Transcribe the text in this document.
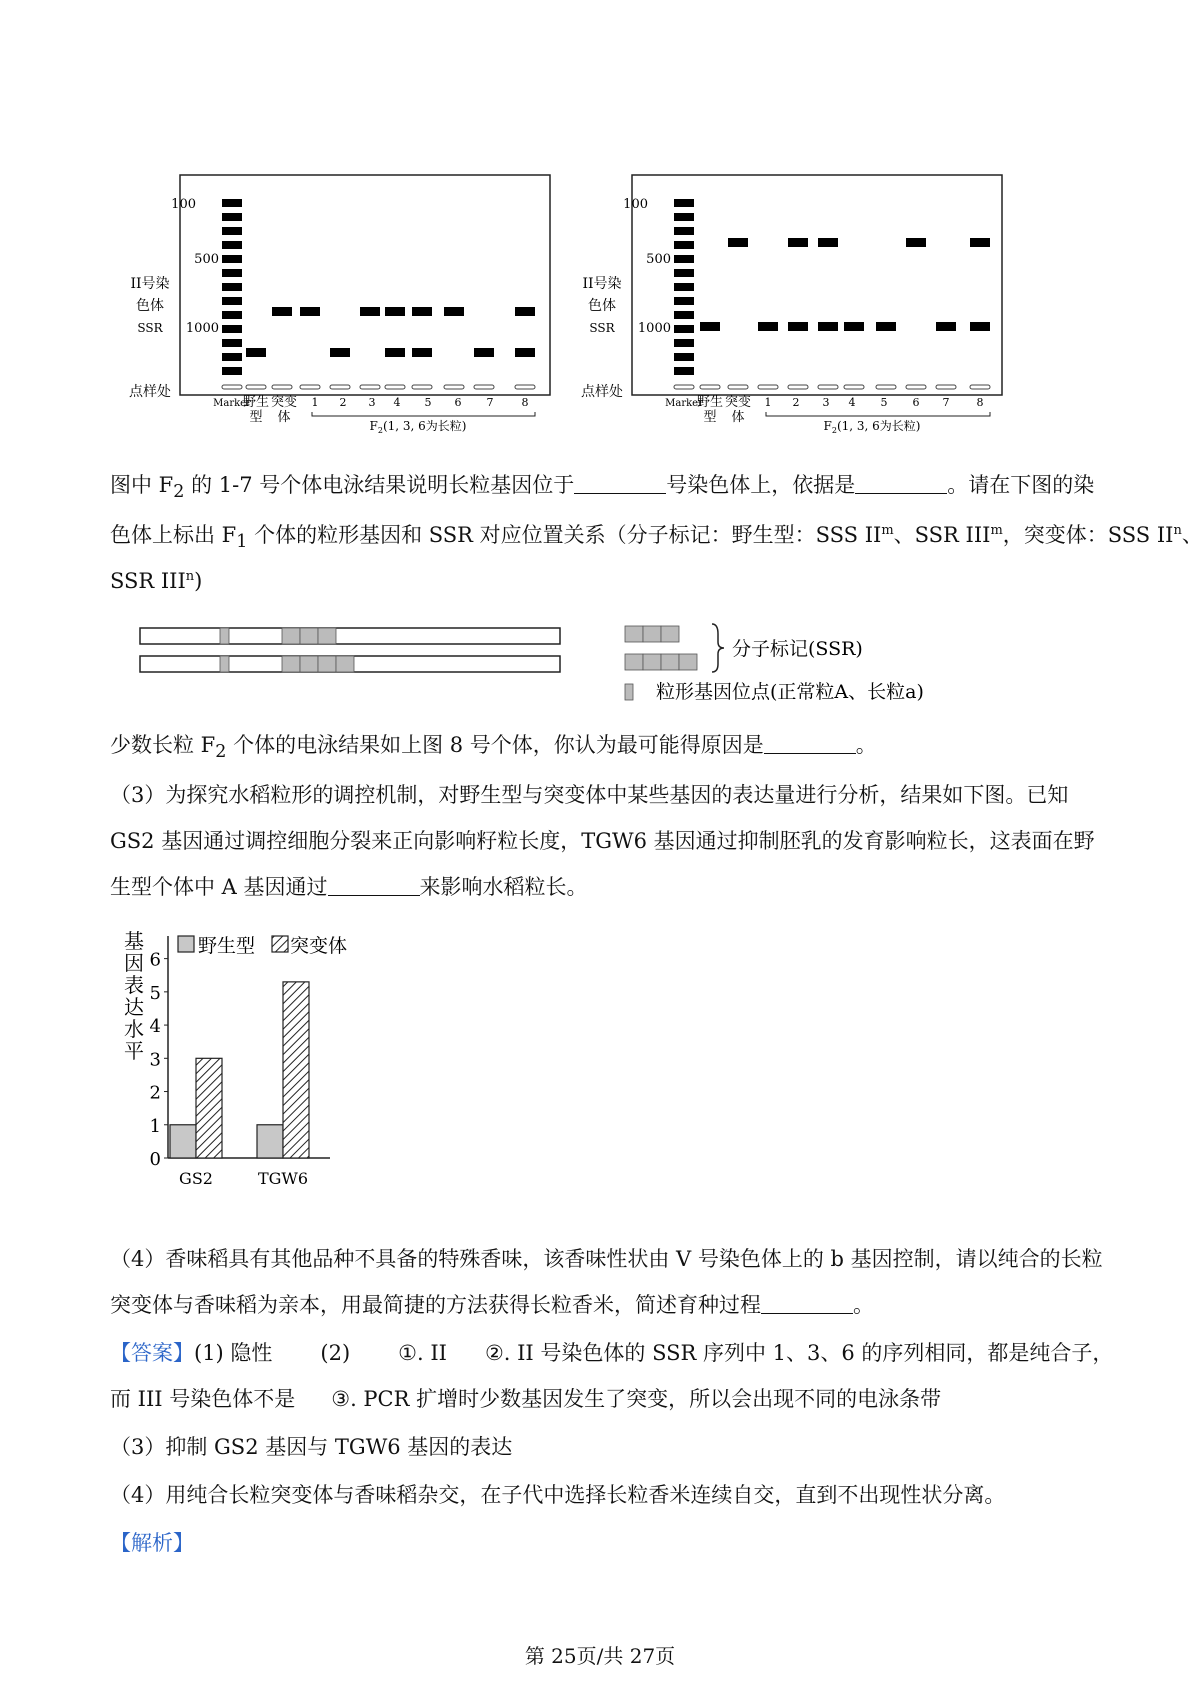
100
500
1000
II号染
色体
SSR
点样处
Marker
野生
型
突变
体
1 2 3 4 5 6 7	8
$F_2(1$, 3, 6为长粒)
100
500
1000
II号染
色体
SSR
点样处
Marker
野生
型
突变
体
1 2 3 4 5 6 7 8
$F_2(1$, 3, 6为长粒)
图中 $F_2$ 的 1-7 号个体电泳结果说明长粒基因位于	号染色体上，依据是	。请在下图的染
色体上标出 $F_1$ 个体的粒形基因和 SSR 对应位置关系（分子标记：野生型：SSS $II^m$、SSR III$^m$，突变体：SSS $II^n$、
SSR III$^n$)
分子标记(SSR)
粒形基因位点(正常粒A、长粒a)
少数长粒 $F_2$ 个体的电泳结果如上图 8 号个体，你认为最可能得原因是	。
（3）为探究水稻粒形的调控机制，对野生型与突变体中某些基因的表达量进行分析，结果如下图。已知
GS2 基因通过调控细胞分裂来正向影响籽粒长度，TGW6 基因通过抑制胚乳的发育影响粒长，这表面在野
生型个体中 A 基因通过	来影响水稻粒长。
基因表达水平
0
1
2
3
4
5
6
GS2	TGW6
野生型 突变体
（4）香味稻具有其他品种不具备的特殊香味，该香味性状由 V 号染色体上的 b 基因控制，请以纯合的长粒
突变体与香味稻为亲本，用最简捷的方法获得长粒香米，简述育种过程	。
【答案】(1) 隐性 (2) ①. II ②. II 号染色体的 SSR 序列中 1、3、6 的序列相同，都是纯合子，
而 III 号染色体不是 ③. PCR 扩增时少数基因发生了突变，所以会出现不同的电泳条带
（3）抑制 GS2 基因与 TGW6 基因的表达
（4）用纯合长粒突变体与香味稻杂交，在子代中选择长粒香米连续自交，直到不出现性状分离。
【解析】
第 25页/共 27页
